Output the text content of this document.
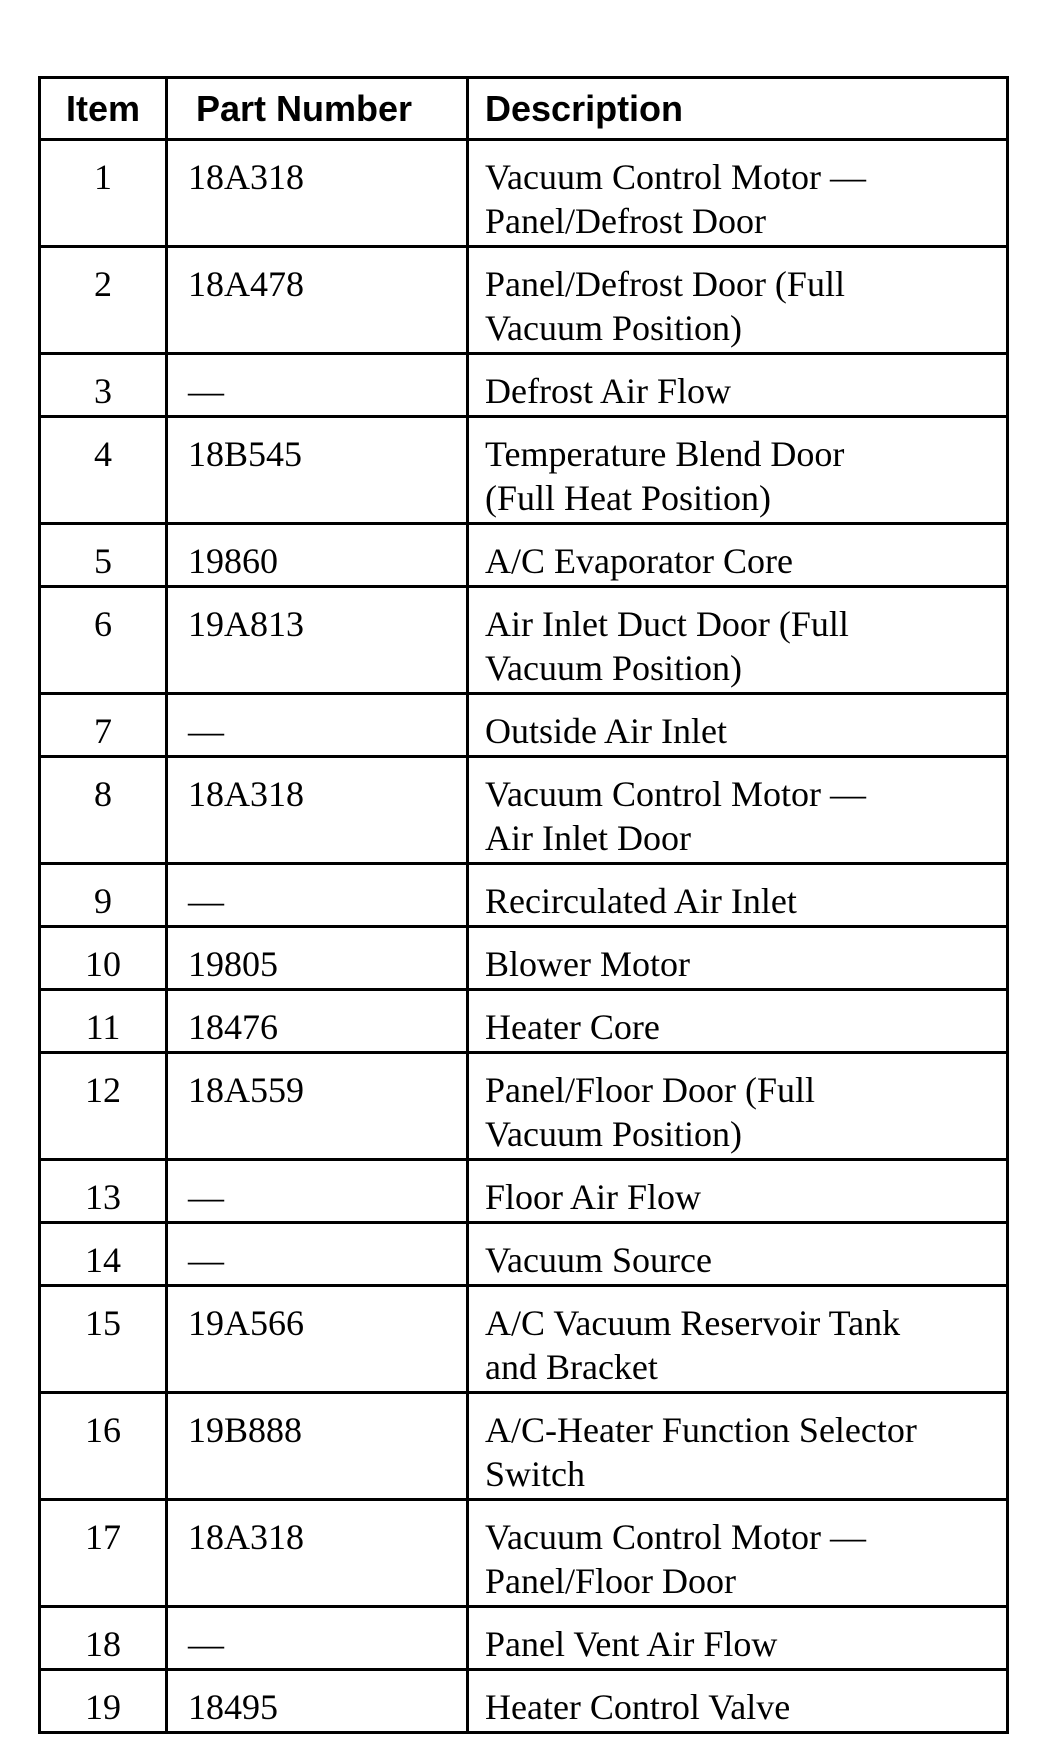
Item	Part Number	Description
1	18A318	Vacuum Control Motor —
Panel/Defrost Door

2	18A478	Panel/Defrost Door (Full
Vacuum Position)

3	—	Defrost Air Flow

4	18B545	Temperature Blend Door
(Full Heat Position)

5	19860	A/C Evaporator Core

6	19A813	Air Inlet Duct Door (Full
Vacuum Position)

7	—	Outside Air Inlet

8	18A318	Vacuum Control Motor —
Air Inlet Door

9	—	Recirculated Air Inlet

10	19805	Blower Motor

11	18476	Heater Core

12	18A559	Panel/Floor Door (Full
Vacuum Position)

13	—	Floor Air Flow

14	—	Vacuum Source

15	19A566	A/C Vacuum Reservoir Tank
and Bracket

16	19B888	A/C-Heater Function Selector
Switch

17	18A318	Vacuum Control Motor —
Panel/Floor Door

18	—	Panel Vent Air Flow

19	18495	Heater Control Valve
